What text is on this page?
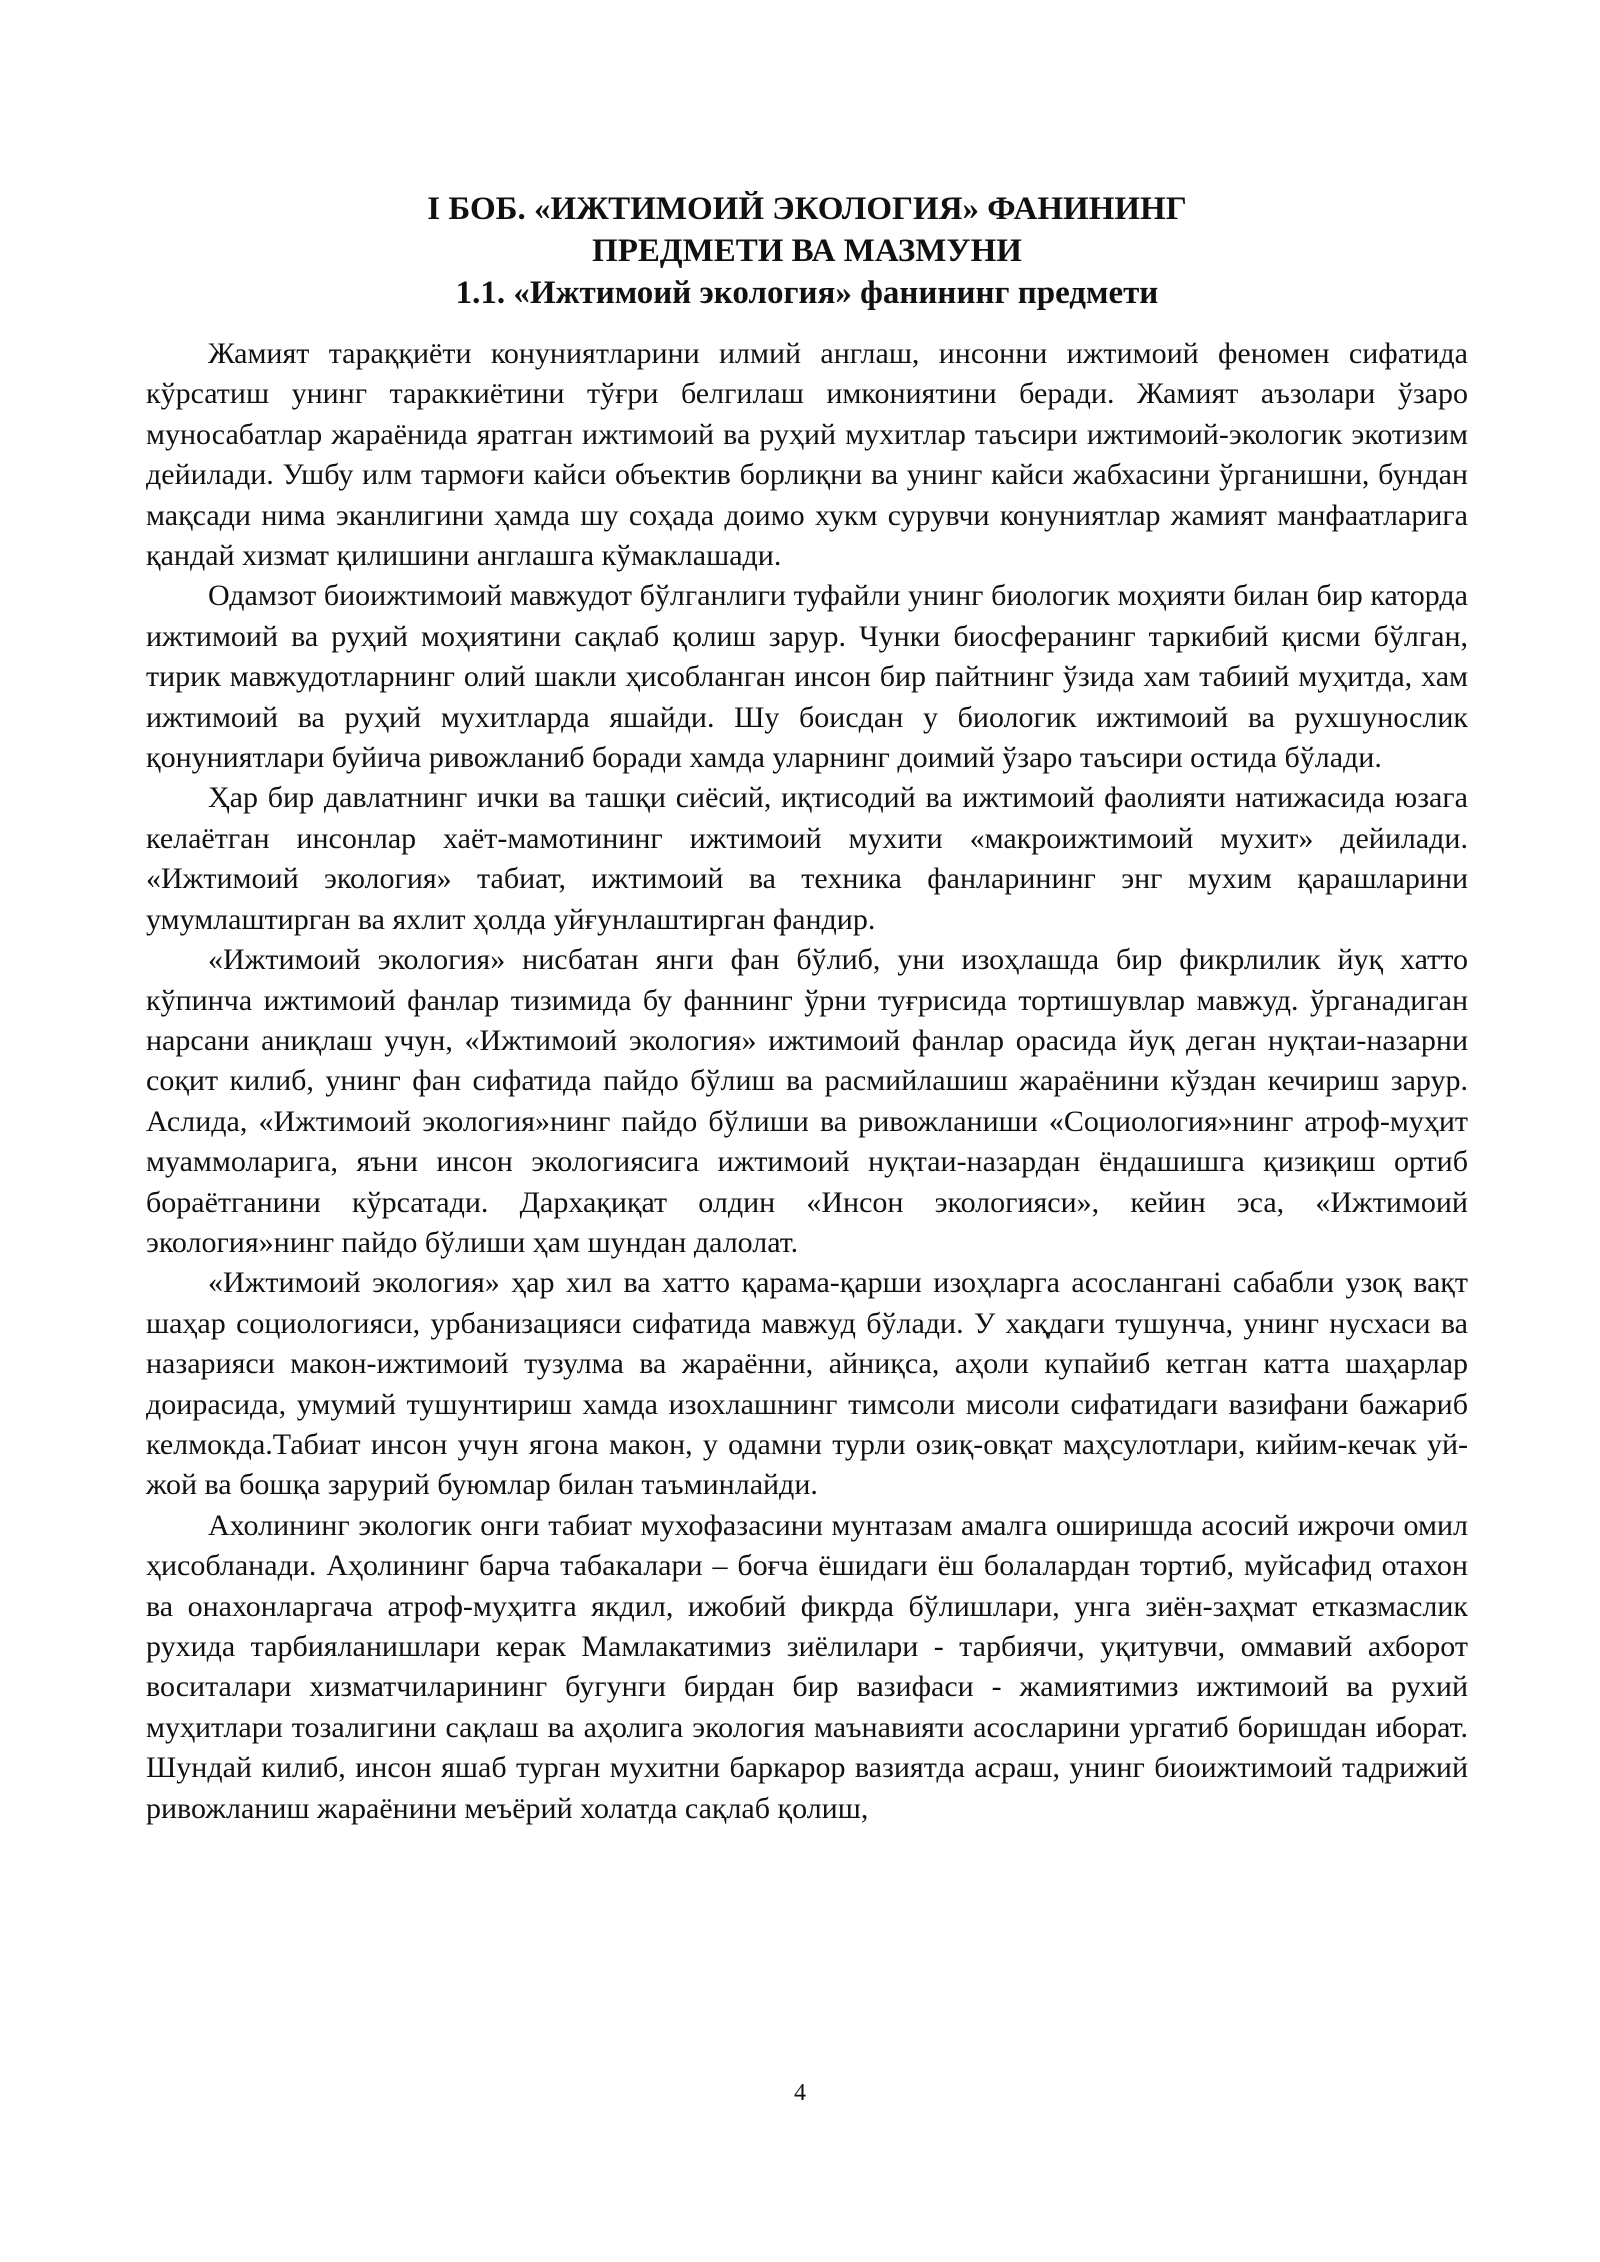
I БОБ. «ИЖТИМОИЙ ЭКОЛОГИЯ» ФАНИНИНГ
ПРЕДМЕТИ ВА МАЗМУНИ
1.1. «Ижтимоий экология» фанининг предмети

Жамият тараққиёти конуниятларини илмий англаш, инсонни ижтимоий феномен сифатида кўрсатиш унинг тараккиётини тўғри белгилаш имкониятини беради. Жамият аъзолари ўзаро муносабатлар жараёнида яратган ижтимоий ва руҳий мухитлар таъсири ижтимоий-экологик экотизим дейилади. Ушбу илм тармоғи кайси объектив борлиқни ва унинг кайси жабхасини ўрганишни, бундан мақсади нима эканлигини ҳамда шу соҳада доимо хукм сурувчи конуниятлар жамият манфаатларига қандай хизмат қилишини англашга кўмаклашади.

Одамзот биоижтимоий мавжудот бўлганлиги туфайли унинг биологик моҳияти билан бир каторда ижтимоий ва руҳий моҳиятини сақлаб қолиш зарур. Чунки биосферанинг таркибий қисми бўлган, тирик мавжудотларнинг олий шакли ҳисобланган инсон бир пайтнинг ўзида хам табиий муҳитда, хам ижтимоий ва руҳий мухитларда яшайди. Шу боисдан у биологик ижтимоий ва рухшунослик қонуниятлари буйича ривожланиб боради хамда уларнинг доимий ўзаро таъсири остида бўлади.

Ҳар бир давлатнинг ички ва ташқи сиёсий, иқтисодий ва ижтимоий фаолияти натижасида юзага келаётган инсонлар хаёт-мамотининг ижтимоий мухити «макроижтимоий мухит» дейилади. «Ижтимоий экология» табиат, ижтимоий ва техника фанларининг энг мухим қарашларини умумлаштирган ва яхлит ҳолда уйғунлаштирган фандир.

«Ижтимоий экология» нисбатан янги фан бўлиб, уни изоҳлашда бир фикрлилик йуқ хатто кўпинча ижтимоий фанлар тизимида бу фаннинг ўрни туғрисида тортишувлар мавжуд. ўрганадиган нарсани аниқлаш учун, «Ижтимоий экология» ижтимоий фанлар орасида йуқ деган нуқтаи-назарни соқит килиб, унинг фан сифатида пайдо бўлиш ва расмийлашиш жараёнини кўздан кечириш зарур. Аслида, «Ижтимоий экология»нинг пайдо бўлиши ва ривожланиши «Социология»нинг атроф-муҳит муаммоларига, яъни инсон экологиясига ижтимоий нуқтаи-назардан ёндашишга қизиқиш ортиб бораётганини кўрсатади. Дархақиқат олдин «Инсон экологияси», кейин эса, «Ижтимоий экология»нинг пайдо бўлиши ҳам шундан далолат.

«Ижтимоий экология» ҳар хил ва хатто қарама-қарши изоҳларга асосланганi сабабли узоқ вақт шаҳар социологияси, урбанизацияси сифатида мавжуд бўлади. У хақдаги тушунча, унинг нусхаси ва назарияси макон-ижтимоий тузулма ва жараённи, айниқса, аҳоли купайиб кетган катта шаҳарлар доирасида, умумий тушунтириш хамда изохлашнинг тимсоли мисоли сифатидаги вазифани бажариб келмокда.Табиат инсон учун ягона макон, у одамни турли озиқ-овқат маҳсулотлари, кийим-кечак уй-жой ва бошқа зарурий буюмлар билан таъминлайди.

Ахолининг экологик онги табиат мухофазасини мунтазам амалга оширишда асосий ижрочи омил ҳисобланади. Аҳолининг барча табакалари – боғча ёшидаги ёш болалардан тортиб, муйсафид отахон ва онахонларгача атроф-муҳитга якдил, ижобий фикрда бўлишлари, унга зиён-заҳмат етказмаслик рухида тарбияланишлари керак Мамлакатимиз зиёлилари - тарбиячи, уқитувчи, оммавий ахборот воситалари хизматчиларининг бугунги бирдан бир вазифаси - жамиятимиз ижтимоий ва рухий муҳитлари тозалигини сақлаш ва аҳолига экология маънавияти асосларини ургатиб боришдан иборат. Шундай килиб, инсон яшаб турган мухитни баркарор вазиятда асраш, унинг биоижтимоий тадрижий ривожланиш жараёнини меъёрий холатда сақлаб қолиш,

4
